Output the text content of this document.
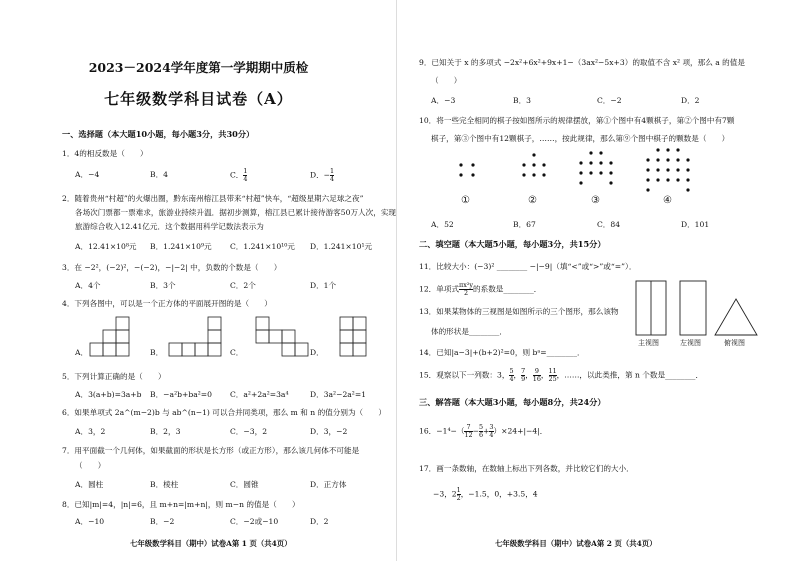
2023－2024学年度第一学期期中质检
七年级数学科目试卷（A）
一、选择题（本大题10小题，每小题3分，共30分）
1．4的相反数是（　　）
A．−4	B．4	C． $\frac{1}{4}$	D．− $\frac{1}{4}$
2．随着贵州“村超”的火爆出圈，黔东南州榕江县带来“村超”快车，“超级星期六足球之夜”
各场次门票都一票难求，旅游业持续升温．据初步测算，榕江县已累计接待游客50万人次，实现
旅游综合收入12.41亿元．这个数据用科学记数法表示为
A．12.41×10⁸元 B．1.241×10⁹元 C．1.241×10¹⁰元 D．1.241×10¹元
3．在 −2²，(−2)²，−(−2)，−|−2| 中，负数的个数是（　　）
A．4个	B．3个	C．2个	D．1个
4．下列各图中，可以是一个正方体的平面展开图的是（　　）
A．	B．	C．	D．
5．下列计算正确的是（　　）
A．3(a+b)=3a+b B．−a²b+ba²=0 C．a²+2a²=3a⁴	D．3a²−2a²=1
6．如果单项式 2a^(m−2)b 与 ab^(n−1) 可以合并同类项，那么 m 和 n 的值分别为（　　）
A．3，2	B．2，3	C．−3，2	D．3，−2
7．用平面截一个几何体，如果截面的形状是长方形（或正方形），那么该几何体不可能是
（　　）
A．圆柱	B．棱柱	C．圆锥	D．正方体
8．已知|m|=4，|n|=6，且 m+n=|m+n|，则 m−n 的值是（　　）
A．−10	B．−2	C．−2或−10	D．2
七年级数学科目（期中）试卷A第 1 页（共4页）
9．已知关于 x 的多项式 −2x²+6x²+9x+1−（3ax²−5x+3）的取值不含 x² 项，那么 a 的值是
（　　）
A．−3	B．3	C．−2	D．2
10．将一些完全相同的棋子按如图所示的规律摆放，第①个图中有4颗棋子，第②个图中有7颗
棋子，第③个图中有12颗棋子，……，按此规律，那么第⑨个图中棋子的颗数是（　　）
①	②	③	④
A．52	B．67	C．84	D．101
二、填空题（本大题5小题，每小题3分，共15分）
11．比较大小：(−3)² ________ −|−9|（填“<”或“>”或“=”）．
12．单项式 $\frac{\text{πx²y}}{2}$ 的系数是________．
13．如果某物体的三视图是如图所示的三个图形，那么该物
体的形状是________．
主视图	左视图	俯视图
14．已知|a−3|+(b+2)²=0，则 bᵃ=________．
15．观察以下一列数：3， $\frac{5}{4}$ ， $\frac{7}{9}$ ， $\frac{9}{16}$ ， $\frac{11}{25}$ ，……，以此类推，第 n 个数是________．
三、解答题（本大题3小题，每小题8分，共24分）
16．$-1^4-( \frac{7}{12} - \frac{5}{6} + \frac{3}{4} )\times 24+|-4|$．
17．画一条数轴，在数轴上标出下列各数，并比较它们的大小．
−3，$2 \frac{1}{2}$ ，−1.5，0，+3.5，4
七年级数学科目（期中）试卷A第 2 页（共4页）
